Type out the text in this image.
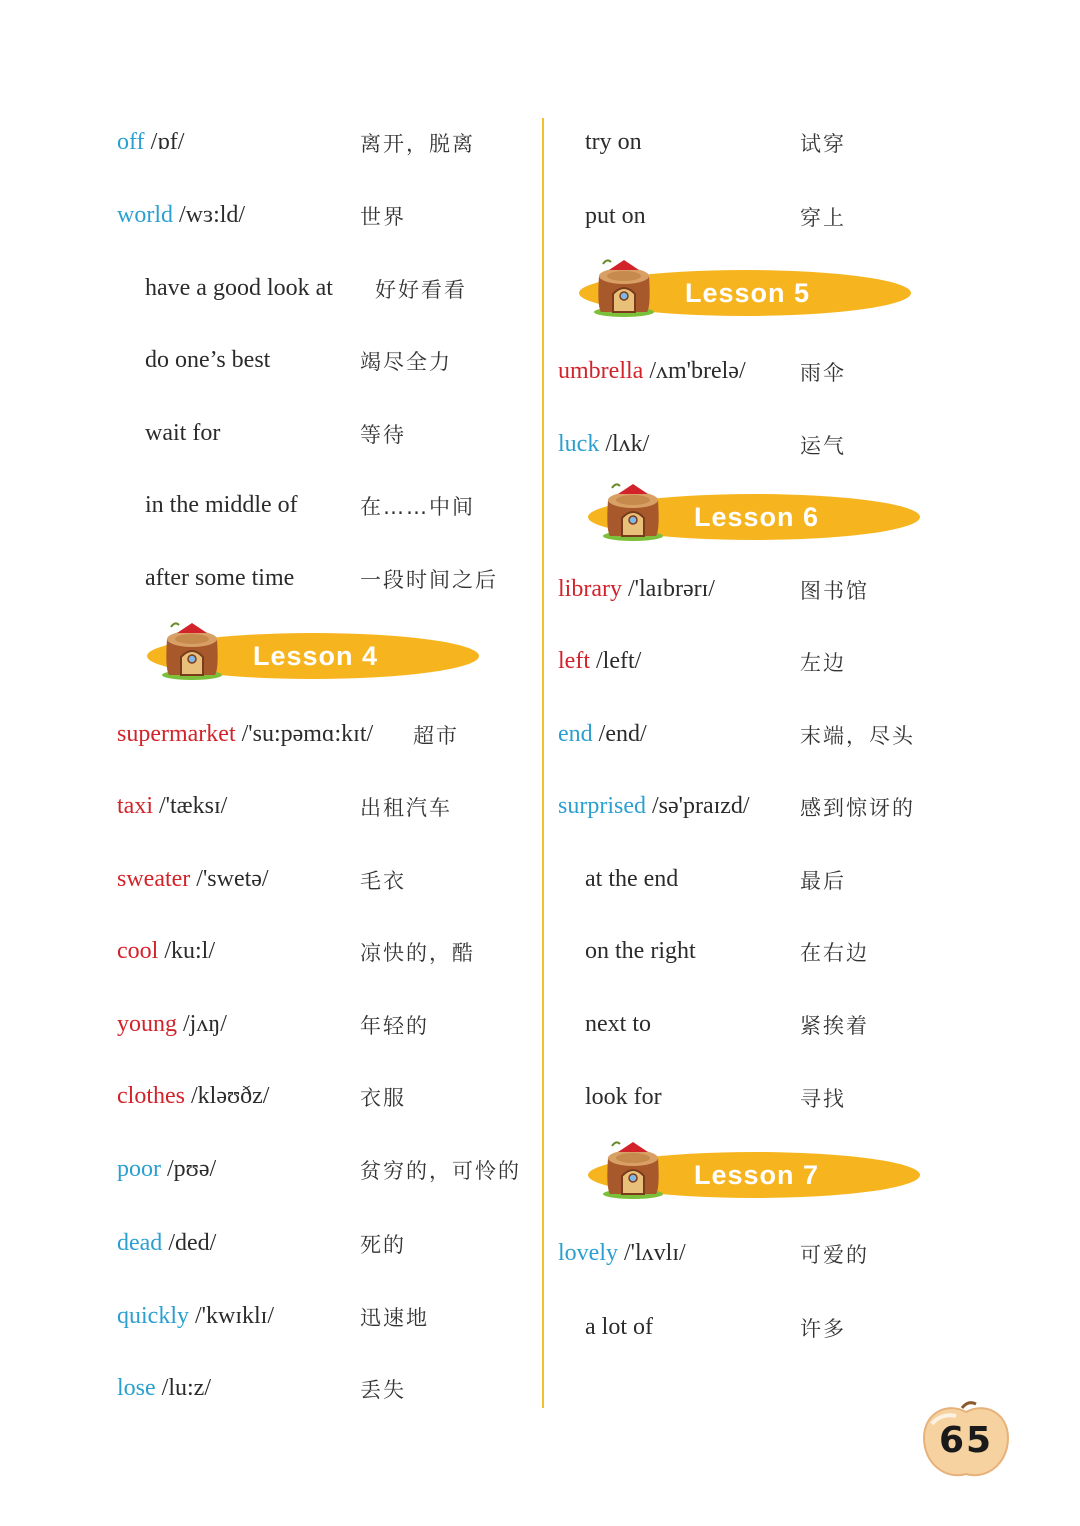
off /ɒf/	离开，脱离
world /wɜ:ld/	世界
have a good look at 好好看看
do one’s best	竭尽全力
wait for	等待
in the middle of	在……中间
after some time	一段时间之后
Lesson 4
supermarket /'su:pəmɑ:kɪt/ 超市
taxi /'tæksɪ/	出租汽车
sweater /'swetə/	毛衣
cool /ku:l/	凉快的，酷
young /jʌŋ/	年轻的
clothes /kləʊðz/	衣服
poor /pʊə/	贫穷的，可怜的
dead /ded/	死的
quickly /'kwɪklɪ/	迅速地
lose /lu:z/	丢失
try on	试穿
put on	穿上
Lesson 5
umbrella /ʌm'brelə/	雨伞
luck /lʌk/	运气
Lesson 6
library /'laɪbrərɪ/	图书馆
left /left/	左边
end /end/	末端，尽头
surprised /sə'praɪzd/ 感到惊讶的
at the end	最后
on the right	在右边
next to	紧挨着
look for	寻找
Lesson 7
lovely /'lʌvlɪ/	可爱的
a lot of	许多
65
